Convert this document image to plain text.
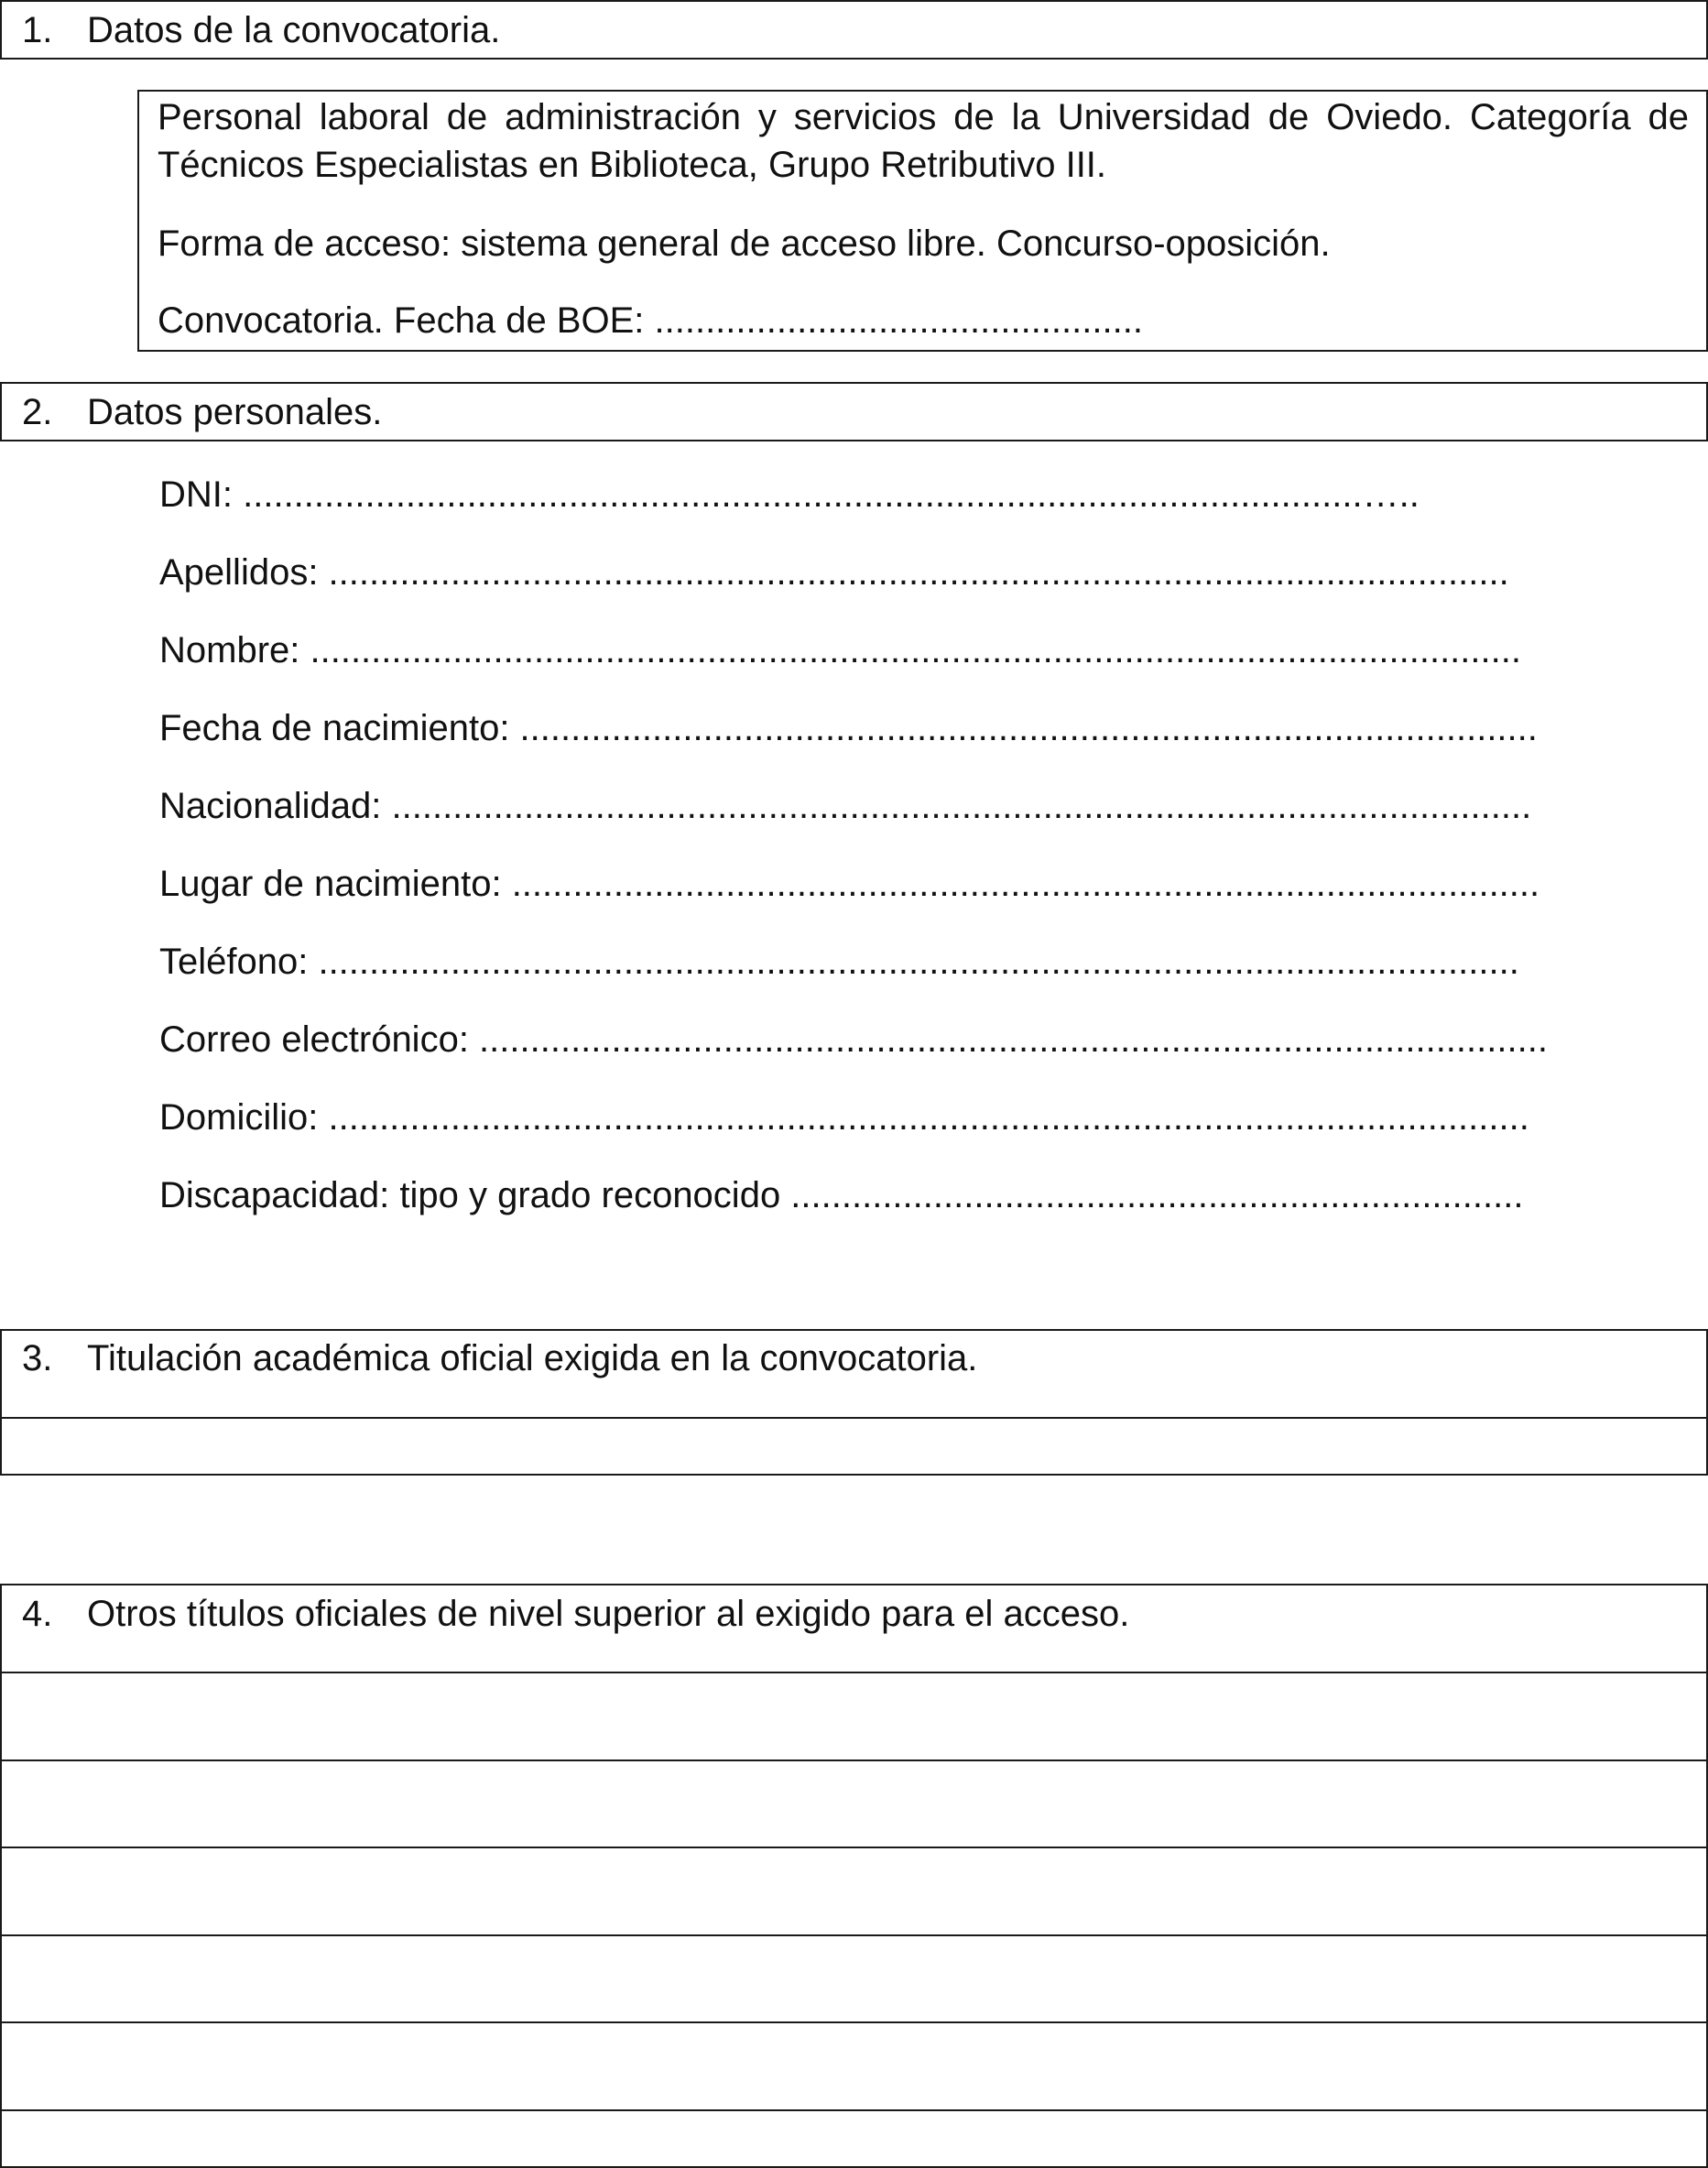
1. Datos de la convocatoria.
Personal laboral de administración y servicios de la Universidad de Oviedo. Categoría de Técnicos Especialistas en Biblioteca, Grupo Retributivo III.
Forma de acceso: sistema general de acceso libre. Concurso-oposición.
Convocatoria. Fecha de BOE: ................................................
2. Datos personales.
DNI: ..............................................................................................................…..
Apellidos: ....................................................................................................................
Nombre: .......................................................................................................................
Fecha de nacimiento: ....................................................................................................
Nacionalidad: ................................................................................................................
Lugar de nacimiento: .....................................................................................................
Teléfono: ......................................................................................................................
Correo electrónico: .........................................................................................................
Domicilio: ......................................................................................................................
Discapacidad: tipo y grado reconocido ........................................................................
3. Titulación académica oficial exigida en la convocatoria.
4. Otros títulos oficiales de nivel superior al exigido para el acceso.
